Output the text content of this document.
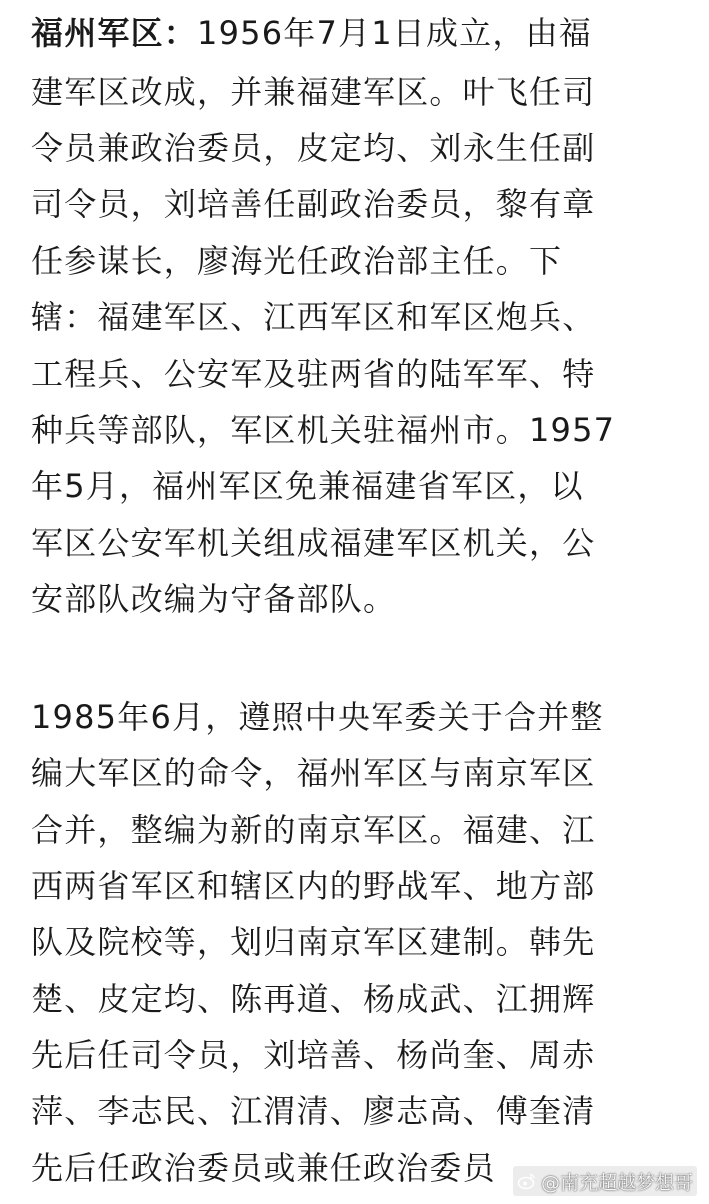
福州军区：1956年7月1日成立，由福
建军区改成，并兼福建军区。叶飞任司
令员兼政治委员，皮定均、刘永生任副
司令员，刘培善任副政治委员，黎有章
任参谋长，廖海光任政治部主任。下
辖：福建军区、江西军区和军区炮兵、
工程兵、公安军及驻两省的陆军军、特
种兵等部队，军区机关驻福州市。1957
年5月，福州军区免兼福建省军区，以
军区公安军机关组成福建军区机关，公
安部队改编为守备部队。
1985年6月，遵照中央军委关于合并整
编大军区的命令，福州军区与南京军区
合并，整编为新的南京军区。福建、江
西两省军区和辖区内的野战军、地方部
队及院校等，划归南京军区建制。韩先
楚、皮定均、陈再道、杨成武、江拥辉
先后任司令员，刘培善、杨尚奎、周赤
萍、李志民、江渭清、廖志高、傅奎清
先后任政治委员或兼任政治委员	@南充超越梦想哥
